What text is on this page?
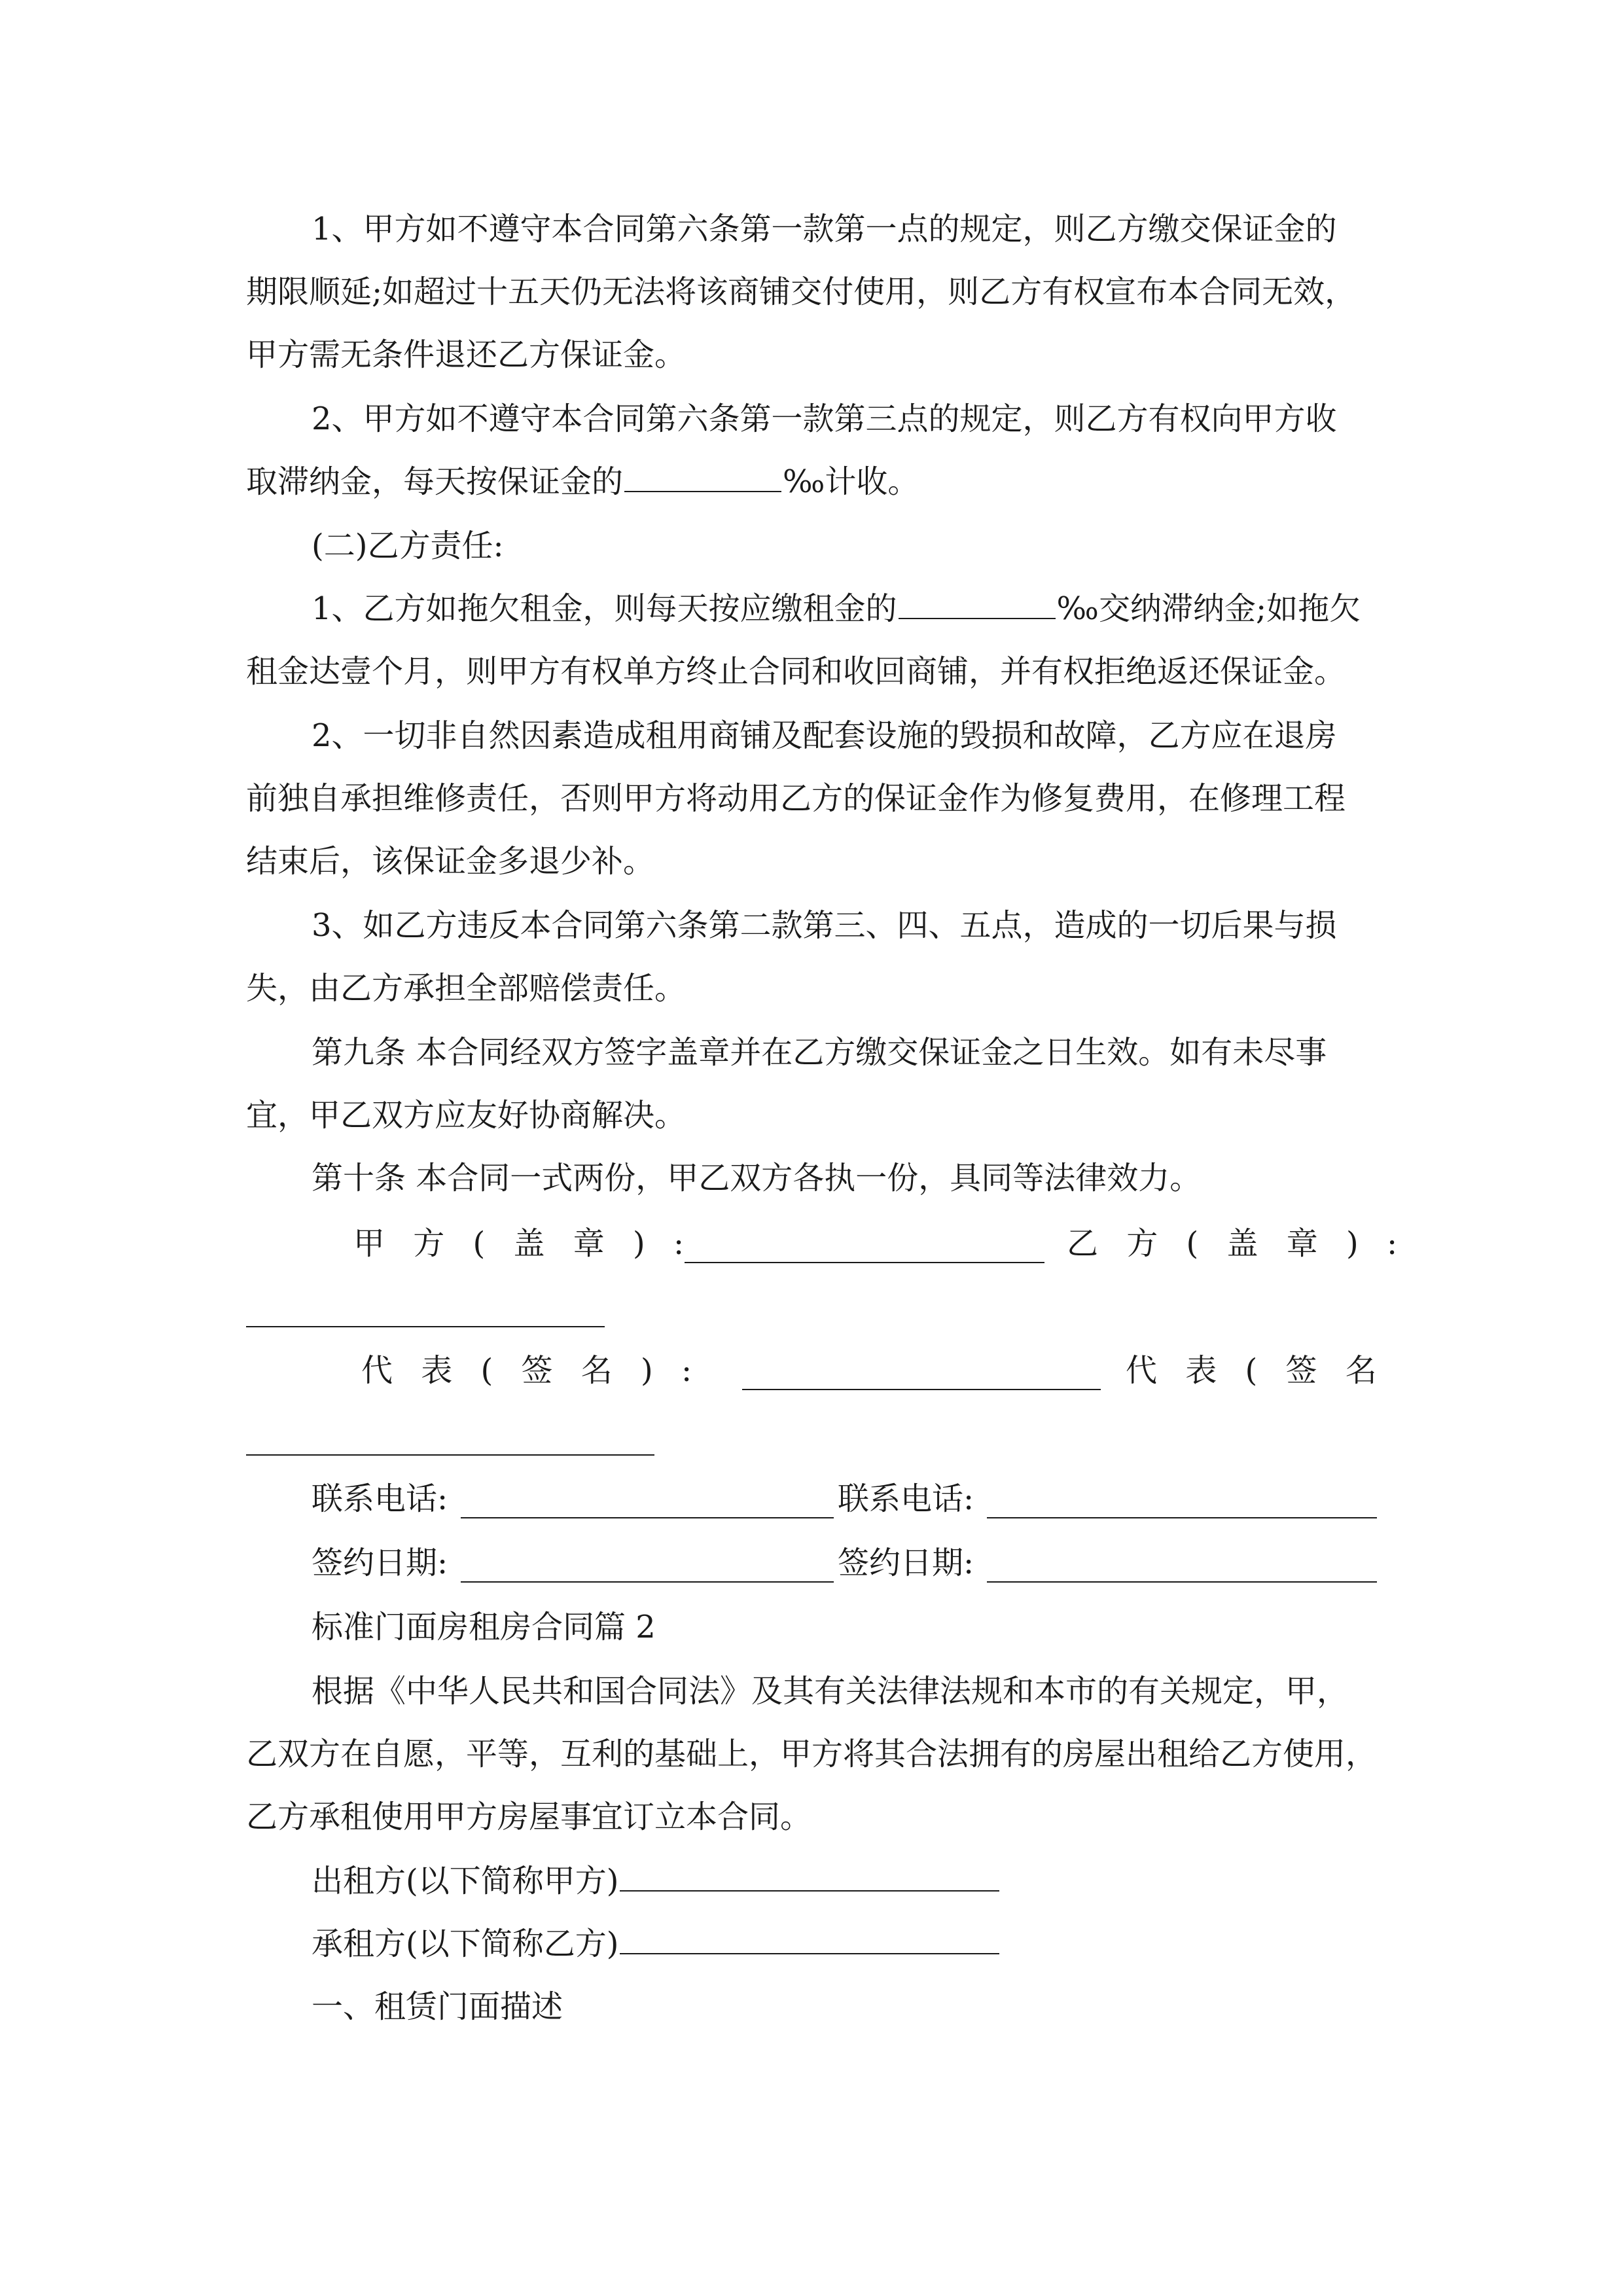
1、甲方如不遵守本合同第六条第一款第一点的规定，则乙方缴交保证金的
期限顺延;如超过十五天仍无法将该商铺交付使用，则乙方有权宣布本合同无效，
甲方需无条件退还乙方保证金。
2、甲方如不遵守本合同第六条第一款第三点的规定，则乙方有权向甲方收
取滞纳金，每天按保证金的	‰计收。
(二)乙方责任:
1、乙方如拖欠租金，则每天按应缴租金的	‰交纳滞纳金;如拖欠
租金达壹个月，则甲方有权单方终止合同和收回商铺，并有权拒绝返还保证金。
2、一切非自然因素造成租用商铺及配套设施的毁损和故障，乙方应在退房
前独自承担维修责任，否则甲方将动用乙方的保证金作为修复费用，在修理工程
结束后，该保证金多退少补。
3、如乙方违反本合同第六条第二款第三、四、五点，造成的一切后果与损
失，由乙方承担全部赔偿责任。
第九条 本合同经双方签字盖章并在乙方缴交保证金之日生效。如有未尽事
宜，甲乙双方应友好协商解决。
第十条 本合同一式两份，甲乙双方各执一份，具同等法律效力。
甲 方 ( 盖 章 ) :	乙 方 ( 盖 章 ) :
代 表 ( 签 名 ) :	代 表 ( 签 名
联系电话:	联系电话:
签约日期:	签约日期:
标准门面房租房合同篇 2
根据《中华人民共和国合同法》及其有关法律法规和本市的有关规定，甲，
乙双方在自愿，平等，互利的基础上，甲方将其合法拥有的房屋出租给乙方使用，
乙方承租使用甲方房屋事宜订立本合同。
出租方(以下简称甲方)
承租方(以下简称乙方)
一、租赁门面描述
